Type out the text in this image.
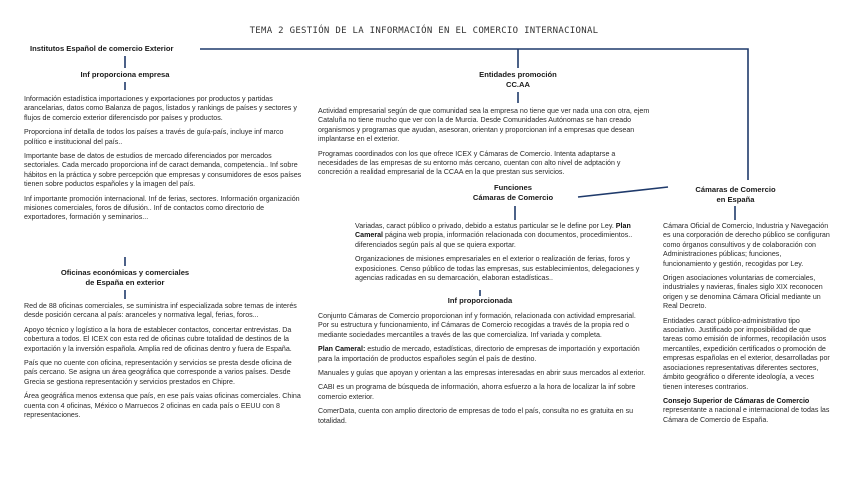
TEMA 2 GESTIÓN DE LA INFORMACIÓN EN EL COMERCIO INTERNACIONAL
Institutos Español de comercio Exterior
Inf proporciona empresa

Información estadística importaciones y exportaciones por productos y partidas arancelarias, datos como Balanza de pagos, listados y rankings de países y sectores y flujos de comercio exterior diferencisdo por países y productos.

Proporciona inf detalla de todos los países a través de guía-país, incluye inf marco político e institucional del país..

Importante base de datos de estudios de mercado diferenciados por mercados sectoriales. Cada mercado proporciona inf de caract demanda, competencia.. Inf sobre hábitos en la práctica y sobre percepción que empresas y consumidores de esos países tienen sobre poductos españoles y la imagen del país.

Inf importante promoción internacional. Inf de ferias, sectores. Información organización misiones comerciales, foros de difusión.. Inf de contactos como directorio de exportadores, formación y seminarios...

Oficinas económicas y comerciales
de España en exterior

Red de 88 oficinas comerciales, se suministra inf especializada sobre temas de interés desde posición cercana al país: aranceles y normativa legal, ferias, foros...

Apoyo técnico y logístico a la hora de establecer contactos, concertar entrevistas. Da cobertura a todos. El ICEX con esta red de oficinas cubre totalidad de destinos de la exportación y la inversión española. Amplia red de oficinas dentro y fuera de España.

País que no cuente con oficina, representación y servicios se presta desde oficina de país cercano. Se asigna un área geográfica que corresponde a varios países. Desde Grecia se gestiona representación y servicios prestados en Chipre.

Área geográfica menos extensa que país, en ese país vaias oficinas comerciales. China cuenta con 4 oficinas, México o Marruecos 2 oficinas en cada país o EEUU con 8 representaciones.

Entidades promoción
CC.AA

Actividad empresarial según de que comunidad sea la empresa no tiene que ver nada una con otra, ejem Cataluña no tiene mucho que ver con la de Murcia. Desde Comunidades Autónomas se han creado organismos y programas que ayudan, asesoran, orientan y proporcionan inf a empresas que desean implantarse en el exterior.

Programas coordinados con los que ofrece ICEX y Cámaras de Comercio. Intenta adaptarse a necesidades de las empresas de su entorno más cercano, cuentan con alto nivel de adptación y concreción a realidad empresarial de la CCAA en la que prestan sus servicios.

Funciones
Cámaras de Comercio

Variadas, caract público o privado, debido a estatus particular se le define por Ley. Plan Cameral página web propia, información relacionada con documentos, procedimientos.. diferenciados según país al que se quiera exportar.

Organizaciones de misiones empresariales en el exterior o realización de ferias, foros y exposiciones. Censo público de todas las empresas, sus establecimientos, delegaciones y agencias radicadas en su demarcación, elaboran estadísticas..

Inf proporcionada

Conjunto Cámaras de Comercio proporcionan inf y formación, relacionada con actividad empresarial. Por su estructura y funcionamiento, inf Cámaras de Comercio recogidas a través de la propia red o mediante sociedades mercantiles a través de las que comercializa. Inf variada y completa.

Plan Cameral: estudio de mercado, estadísticas, directorio de empresas de importación y exportación para la importación de productos españoles según el país de destino.

Manuales y guías que apoyan y orientan a las empresas interesadas en abrir suus mercados al exterior.

CABI es un programa de búsqueda de información, ahorra esfuerzo a la hora de localizar la inf sobre comercio exterior.

ComerData, cuenta con amplio directorio de empresas de todo el país, consulta no es gratuita en su totalidad.

Cámaras de Comercio
en España

Cámara Oficial de Comercio, Industria y Navegación es una corporación de derecho público se configuran como órganos consultivos y de colaboración con Administraciones públicas; funciones, funcionamiento y gestión, recogidas por Ley.

Origen asociaciones voluntarias de comerciales, industriales y navieras, finales siglo XIX reconocen origen y se denomina Cámara Oficial mediante un Real Decreto.

Entidades caract público-administrativo tipo asociativo. Justificado por imposibilidad de que tareas como emisión de informes, recopilación usos mercantiles, expedición certificados o promoción de empresas españolas en el exterior, desarrolladas por asociaciones representativas diferentes sectores, ámbito geográfico o diferente ideología, a veces tienen intereses contrarios.

Consejo Superior de Cámaras de Comercio
representante a nacional e internacional de todas las Cámara de Comercio de España.
